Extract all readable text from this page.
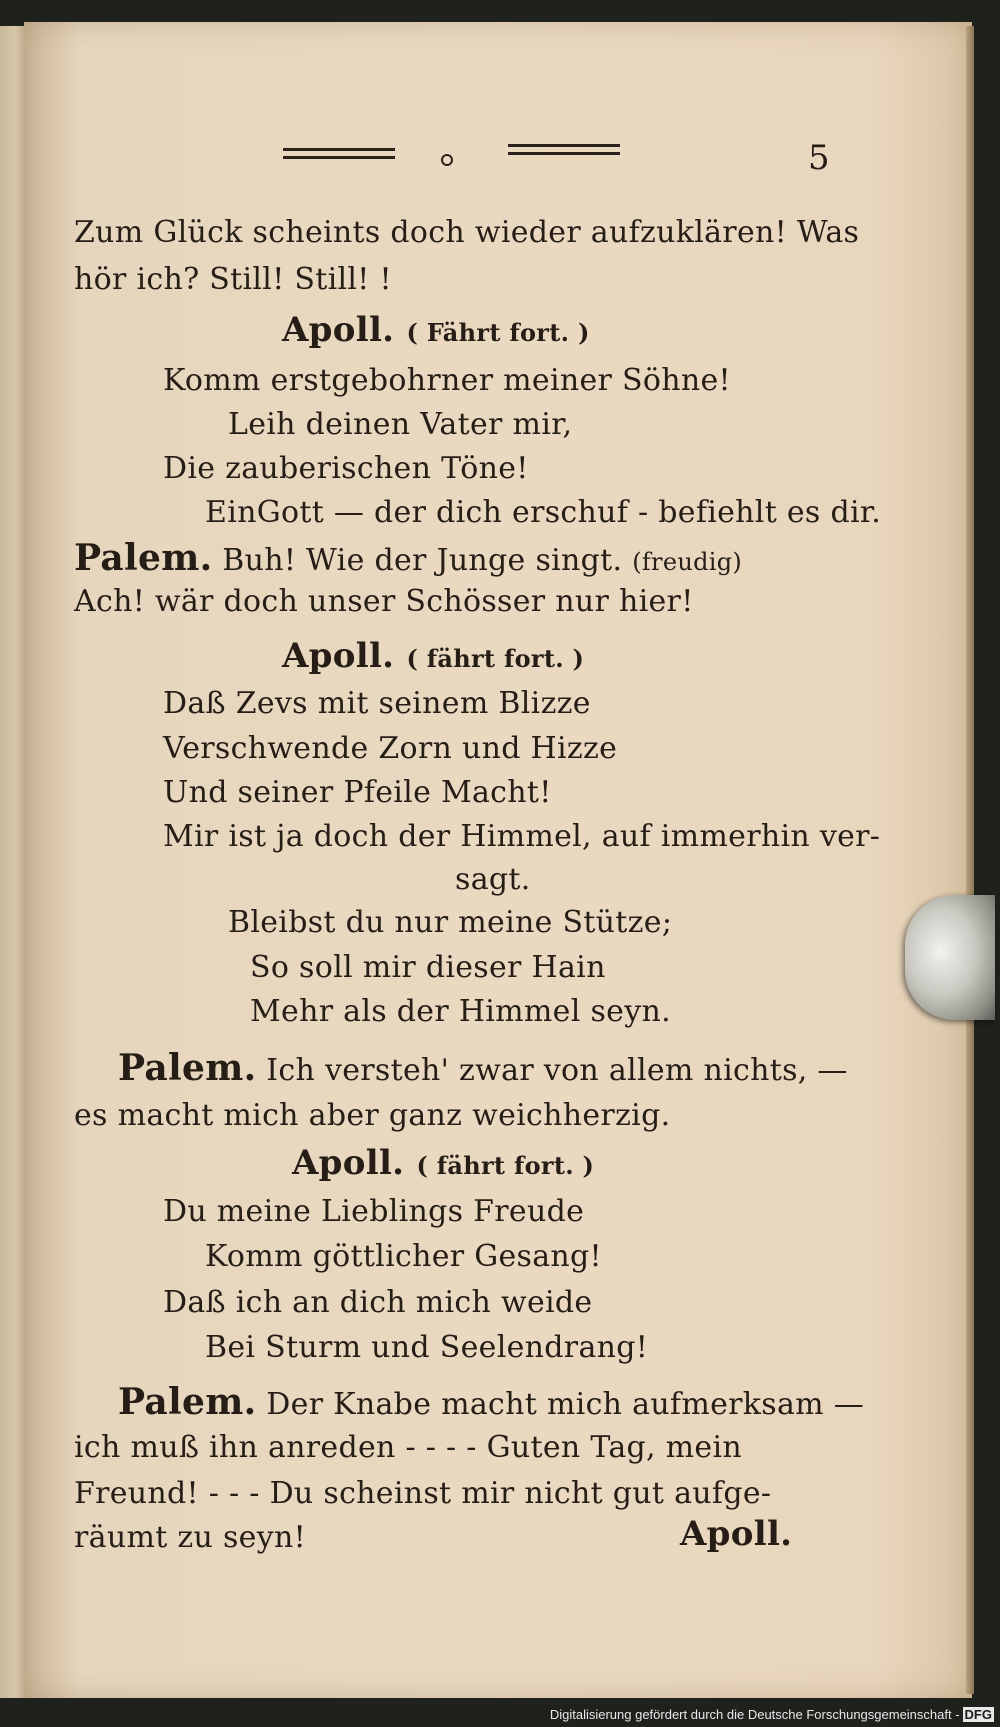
5
Zum Glück scheints doch wieder aufzuklären! Was
hör ich? Still! Still! !
Apoll. ( Fährt fort. )
Komm erstgebohrner meiner Söhne!
Leih deinen Vater mir,
Die zauberischen Töne!
EinGott — der dich erschuf - befiehlt es dir.
Palem. Buh! Wie der Junge singt. (freudig)
Ach! wär doch unser Schösser nur hier!
Apoll. ( fährt fort. )
Daß Zevs mit seinem Blizze
Verschwende Zorn und Hizze
Und seiner Pfeile Macht!
Mir ist ja doch der Himmel, auf immerhin ver-
sagt.
Bleibst du nur meine Stütze;
So soll mir dieser Hain
Mehr als der Himmel seyn.
Palem. Ich versteh' zwar von allem nichts, —
es macht mich aber ganz weichherzig.
Apoll. ( fährt fort. )
Du meine Lieblings Freude
Komm göttlicher Gesang!
Daß ich an dich mich weide
Bei Sturm und Seelendrang!
Palem. Der Knabe macht mich aufmerksam —
ich muß ihn anreden - - - - Guten Tag, mein
Freund! - - - Du scheinst mir nicht gut aufge-
räumt zu seyn!	Apoll.
Digitalisierung gefördert durch die Deutsche Forschungsgemeinschaft - DFG
